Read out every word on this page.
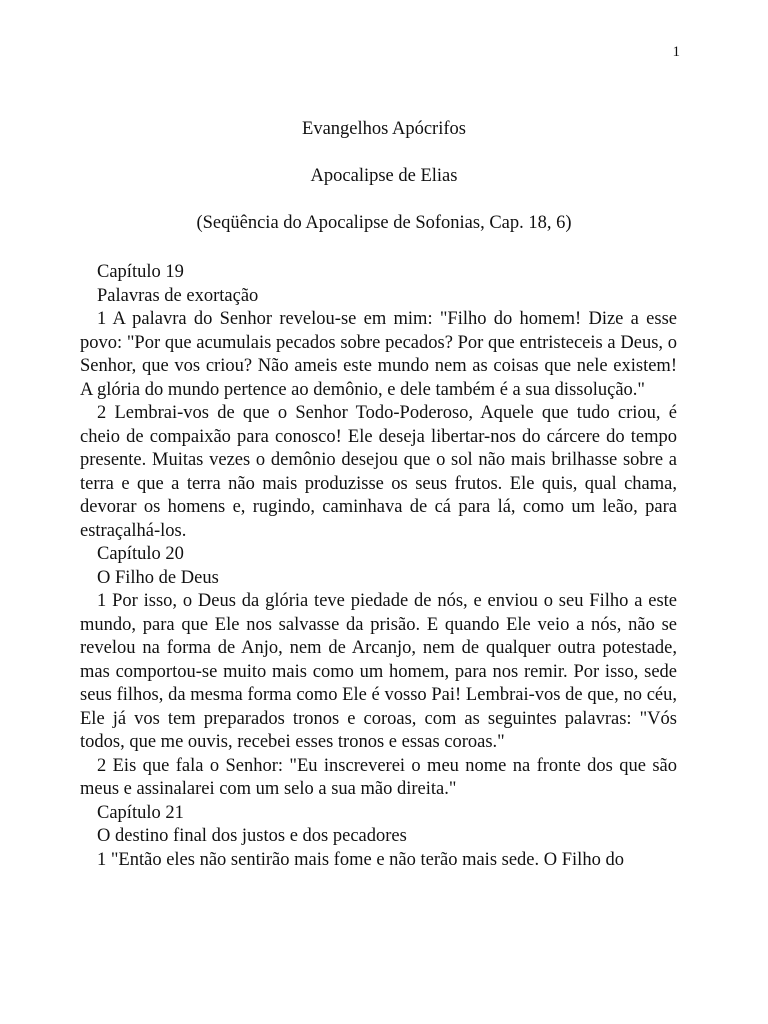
1
Evangelhos Apócrifos
Apocalipse de Elias
(Seqüência do Apocalipse de Sofonias, Cap. 18, 6)
Capítulo 19
Palavras de exortação

1 A palavra do Senhor revelou-se em mim: "Filho do homem! Dize a esse povo: "Por que acumulais pecados sobre pecados? Por que entristeceis a Deus, o Senhor, que vos criou? Não ameis este mundo nem as coisas que nele existem! A glória do mundo pertence ao demônio, e dele também é a sua dissolução."

2 Lembrai-vos de que o Senhor Todo-Poderoso, Aquele que tudo criou, é cheio de compaixão para conosco! Ele deseja libertar-nos do cárcere do tempo presente. Muitas vezes o demônio desejou que o sol não mais brilhasse sobre a terra e que a terra não mais produzisse os seus frutos. Ele quis, qual chama, devorar os homens e, rugindo, caminhava de cá para lá, como um leão, para estraçalhá-los.

Capítulo 20
O Filho de Deus

1 Por isso, o Deus da glória teve piedade de nós, e enviou o seu Filho a este mundo, para que Ele nos salvasse da prisão. E quando Ele veio a nós, não se revelou na forma de Anjo, nem de Arcanjo, nem de qualquer outra potestade, mas comportou-se muito mais como um homem, para nos remir. Por isso, sede seus filhos, da mesma forma como Ele é vosso Pai! Lembrai-vos de que, no céu, Ele já vos tem preparados tronos e coroas, com as seguintes palavras: "Vós todos, que me ouvis, recebei esses tronos e essas coroas."

2 Eis que fala o Senhor: "Eu inscreverei o meu nome na fronte dos que são meus e assinalarei com um selo a sua mão direita."

Capítulo 21
O destino final dos justos e dos pecadores

1 "Então eles não sentirão mais fome e não terão mais sede. O Filho do
